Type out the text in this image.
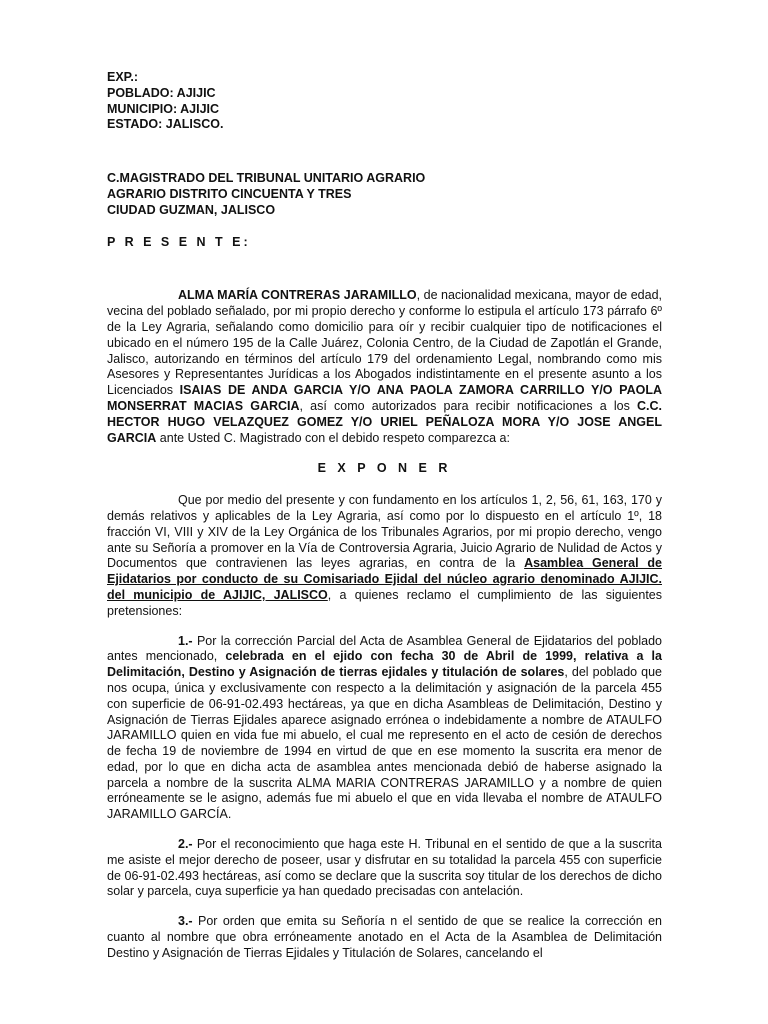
EXP.:
POBLADO: AJIJIC
MUNICIPIO: AJIJIC
ESTADO: JALISCO.
C.MAGISTRADO DEL TRIBUNAL UNITARIO AGRARIO
AGRARIO DISTRITO CINCUENTA Y TRES
CIUDAD GUZMAN, JALISCO
P R E S E N T E:

ALMA MARÍA CONTRERAS JARAMILLO, de nacionalidad mexicana, mayor de edad, vecina del poblado señalado, por mi propio derecho y conforme lo estipula el artículo 173 párrafo 6º de la Ley Agraria, señalando como domicilio para oír y recibir cualquier tipo de notificaciones el ubicado en el número 195 de la Calle Juárez, Colonia Centro, de la Ciudad de Zapotlán el Grande, Jalisco, autorizando en términos del artículo 179 del ordenamiento Legal, nombrando como mis Asesores y Representantes Jurídicas a los Abogados indistintamente en el presente asunto a los Licenciados ISAIAS DE ANDA GARCIA Y/O ANA PAOLA ZAMORA CARRILLO Y/O PAOLA MONSERRAT MACIAS GARCIA, así como autorizados para recibir notificaciones a los C.C. HECTOR HUGO VELAZQUEZ GOMEZ Y/O URIEL PEÑALOZA MORA Y/O JOSE ANGEL GARCIA ante Usted C. Magistrado con el debido respeto comparezca a:

E X P O N E R

Que por medio del presente y con fundamento en los artículos 1, 2, 56, 61, 163, 170 y demás relativos y aplicables de la Ley Agraria, así como por lo dispuesto en el artículo 1º, 18 fracción VI, VIII y XIV de la Ley Orgánica de los Tribunales Agrarios, por mi propio derecho, vengo ante su Señoría a promover en la Vía de Controversia Agraria, Juicio Agrario de Nulidad de Actos y Documentos que contravienen las leyes agrarias, en contra de la Asamblea General de Ejidatarios por conducto de su Comisariado Ejidal del núcleo agrario denominado AJIJIC. del municipio de AJIJIC, JALISCO, a quienes reclamo el cumplimiento de las siguientes pretensiones:

1.- Por la corrección Parcial del Acta de Asamblea General de Ejidatarios del poblado antes mencionado, celebrada en el ejido con fecha 30 de Abril de 1999, relativa a la Delimitación, Destino y Asignación de tierras ejidales y titulación de solares, del poblado que nos ocupa, única y exclusivamente con respecto a la delimitación y asignación de la parcela 455 con superficie de 06-91-02.493 hectáreas, ya que en dicha Asambleas de Delimitación, Destino y Asignación de Tierras Ejidales aparece asignado errónea o indebidamente a nombre de ATAULFO JARAMILLO quien en vida fue mi abuelo, el cual me represento en el acto de cesión de derechos de fecha 19 de noviembre de 1994 en virtud de que en ese momento la suscrita era menor de edad, por lo que en dicha acta de asamblea antes mencionada debió de haberse asignado la parcela a nombre de la suscrita ALMA MARIA CONTRERAS JARAMILLO y a nombre de quien erróneamente se le asigno, además fue mi abuelo el que en vida llevaba el nombre de ATAULFO JARAMILLO GARCÍA.

2.- Por el reconocimiento que haga este H. Tribunal en el sentido de que a la suscrita me asiste el mejor derecho de poseer, usar y disfrutar en su totalidad la parcela 455 con superficie de 06-91-02.493 hectáreas, así como se declare que la suscrita soy titular de los derechos de dicho solar y parcela, cuya superficie ya han quedado precisadas con antelación.

3.- Por orden que emita su Señoría n el sentido de que se realice la corrección en cuanto al nombre que obra erróneamente anotado en el Acta de la Asamblea de Delimitación Destino y Asignación de Tierras Ejidales y Titulación de Solares, cancelando el
